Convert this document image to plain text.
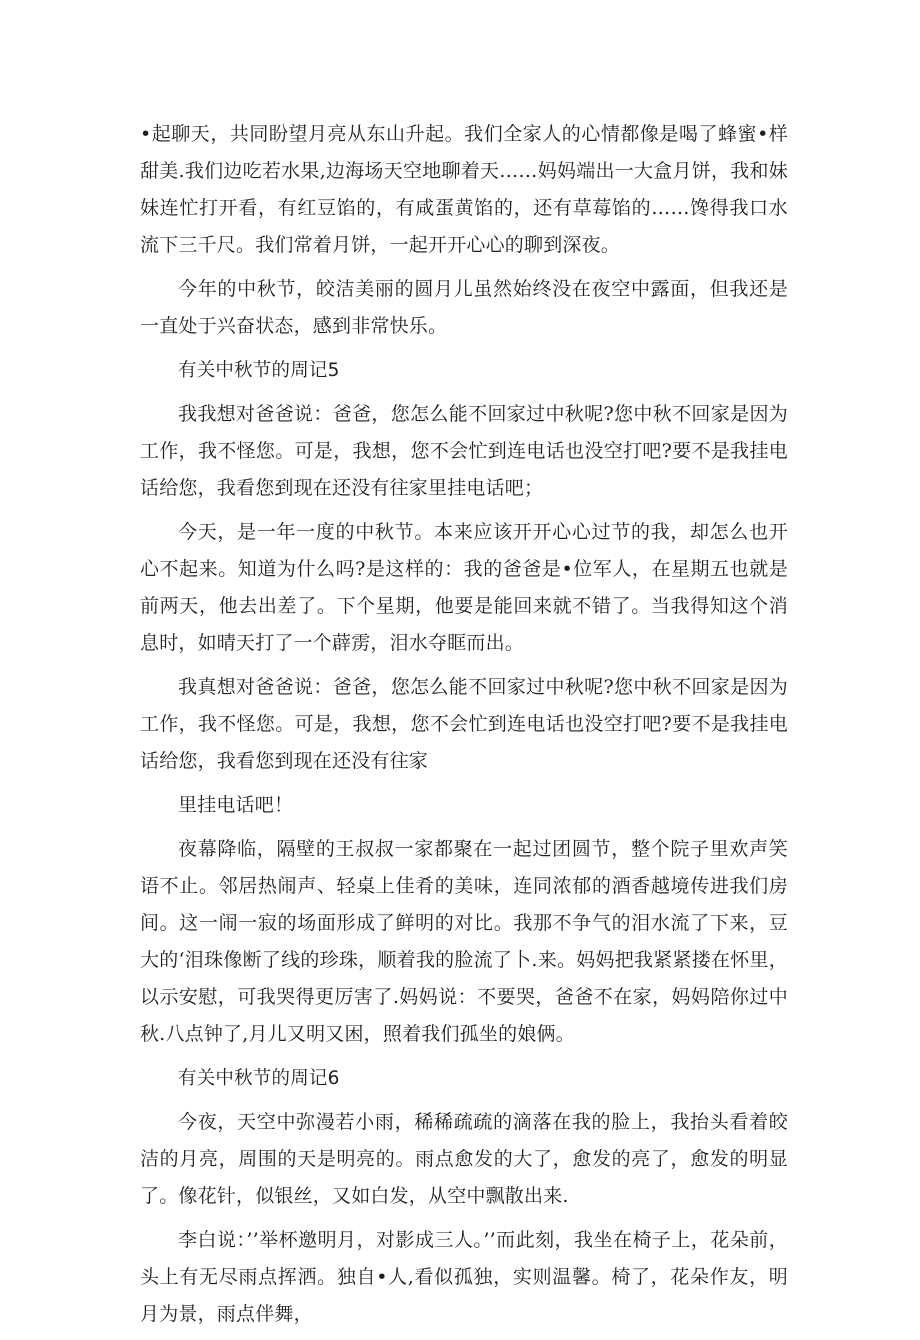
•起聊天，共同盼望月亮从东山升起。我们全家人的心情都像是喝了蜂蜜•样甜美.我们边吃若水果,边海场天空地聊着天……妈妈端出一大盒月饼，我和妹妹连忙打开看，有红豆馅的，有咸蛋黄馅的，还有草莓馅的……馋得我口水流下三千尺。我们常着月饼，一起开开心心的聊到深夜。

今年的中秋节，皎洁美丽的圆月儿虽然始终没在夜空中露面，但我还是一直处于兴奋状态，感到非常快乐。

有关中秋节的周记5

我我想对爸爸说：爸爸，您怎么能不回家过中秋呢?您中秋不回家是因为工作，我不怪您。可是，我想，您不会忙到连电话也没空打吧?要不是我挂电话给您，我看您到现在还没有往家里挂电话吧；

今天，是一年一度的中秋节。本来应该开开心心过节的我，却怎么也开心不起来。知道为什么吗?是这样的：我的爸爸是•位军人，在星期五也就是前两天，他去出差了。下个星期，他要是能回来就不错了。当我得知这个消息时，如晴天打了一个薜雳，泪水夺眶而出。

我真想对爸爸说：爸爸，您怎么能不回家过中秋呢?您中秋不回家是因为工作，我不怪您。可是，我想，您不会忙到连电话也没空打吧?要不是我挂电话给您，我看您到现在还没有往家

里挂电话吧！

夜幕降临，隔壁的王叔叔一家都聚在一起过团圆节，整个院子里欢声笑语不止。邻居热闹声、轻桌上佳肴的美味，连同浓郁的酒香越境传进我们房间。这一闹一寂的场面形成了鲜明的对比。我那不争气的泪水流了下来，豆大的‘泪珠像断了线的珍珠，顺着我的脸流了卜.来。妈妈把我紧紧搂在怀里，以示安慰，可我哭得更厉害了.妈妈说：不要哭，爸爸不在家，妈妈陪你过中秋.八点钟了,月儿又明又困，照着我们孤坐的娘俩。

有关中秋节的周记6

今夜，天空中弥漫若小雨，稀稀疏疏的滴落在我的脸上，我抬头看着皎洁的月亮，周围的天是明亮的。雨点愈发的大了，愈发的亮了，愈发的明显了。像花针，似银丝，又如白发，从空中飘散出来.

李白说：’’举杯邀明月，对影成三人。’’而此刻，我坐在椅子上，花朵前，头上有无尽雨点挥洒。独自•人,看似孤独，实则温馨。椅了，花朵作友，明月为景，雨点伴舞，
